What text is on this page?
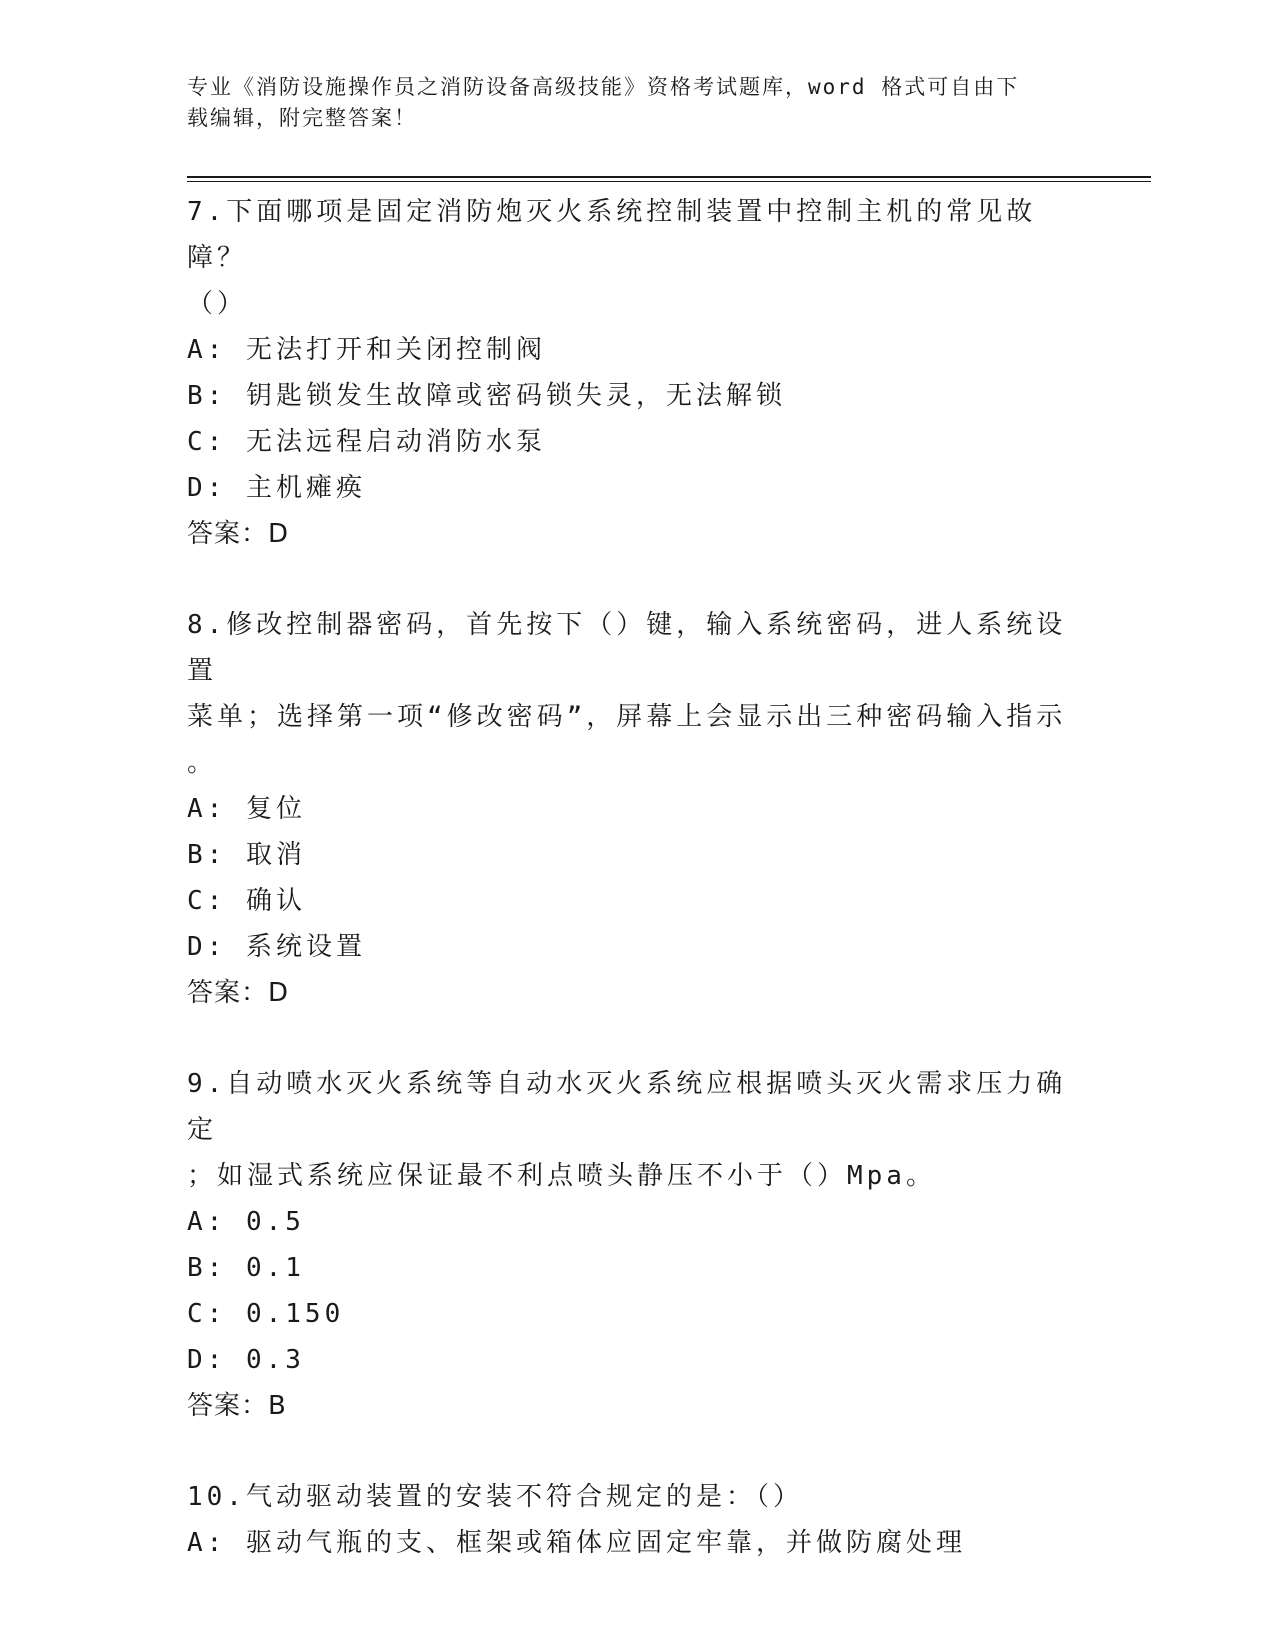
专业《消防设施操作员之消防设备高级技能》资格考试题库，word 格式可自由下
载编辑，附完整答案！

7.下面哪项是固定消防炮灭火系统控制装置中控制主机的常见故障？

（）

A: 无法打开和关闭控制阀

B: 钥匙锁发生故障或密码锁失灵，无法解锁

C: 无法远程启动消防水泵

D: 主机瘫痪

答案：D

8.修改控制器密码，首先按下（）键，输入系统密码，进人系统设置

菜单；选择第一项“修改密码”，屏幕上会显示出三种密码输入指示

。

A: 复位

B: 取消

C: 确认

D: 系统设置

答案：D

9.自动喷水灭火系统等自动水灭火系统应根据喷头灭火需求压力确定

；如湿式系统应保证最不利点喷头静压不小于（）Mpa。

A: 0.5

B: 0.1

C: 0.150

D: 0.3

答案：B

10.气动驱动装置的安装不符合规定的是：（）

A: 驱动气瓶的支、框架或箱体应固定牢靠，并做防腐处理
